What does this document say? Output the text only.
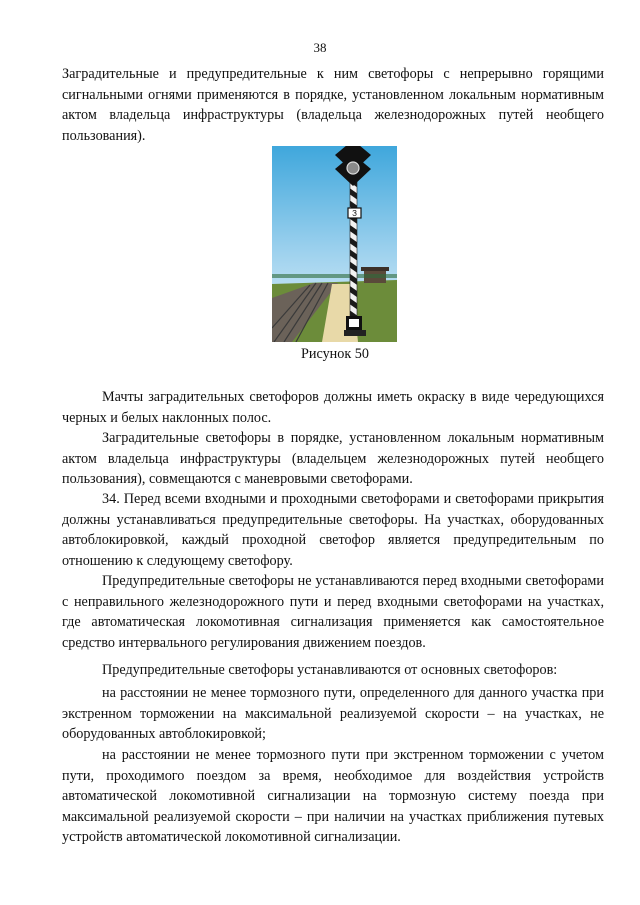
38

Заградительные и предупредительные к ним светофоры с непрерывно горящими сигнальными огнями применяются в порядке, установленном локальным нормативным актом владельца инфраструктуры (владельца железнодорожных путей необщего пользования).

З
Рисунок 50

Мачты заградительных светофоров должны иметь окраску в виде чередующихся черных и белых наклонных полос.

Заградительные светофоры в порядке, установленном локальным нормативным актом владельца инфраструктуры (владельцем железнодорожных путей необщего пользования), совмещаются с маневровыми светофорами.

34. Перед всеми входными и проходными светофорами и светофорами прикрытия должны устанавливаться предупредительные светофоры. На участках, оборудованных автоблокировкой, каждый проходной светофор является предупредительным по отношению к следующему светофору.

Предупредительные светофоры не устанавливаются перед входными светофорами с неправильного железнодорожного пути и перед входными светофорами на участках, где автоматическая локомотивная сигнализация применяется как самостоятельное средство интервального регулирования движением поездов.

Предупредительные светофоры устанавливаются от основных светофоров:

на расстоянии не менее тормозного пути, определенного для данного участка при экстренном торможении на максимальной реализуемой скорости – на участках, не оборудованных автоблокировкой;

на расстоянии не менее тормозного пути при экстренном торможении с учетом пути, проходимого поездом за время, необходимое для воздействия устройств автоматической локомотивной сигнализации на тормозную систему поезда при максимальной реализуемой скорости – при наличии на участках приближения путевых устройств автоматической локомотивной сигнализации.
